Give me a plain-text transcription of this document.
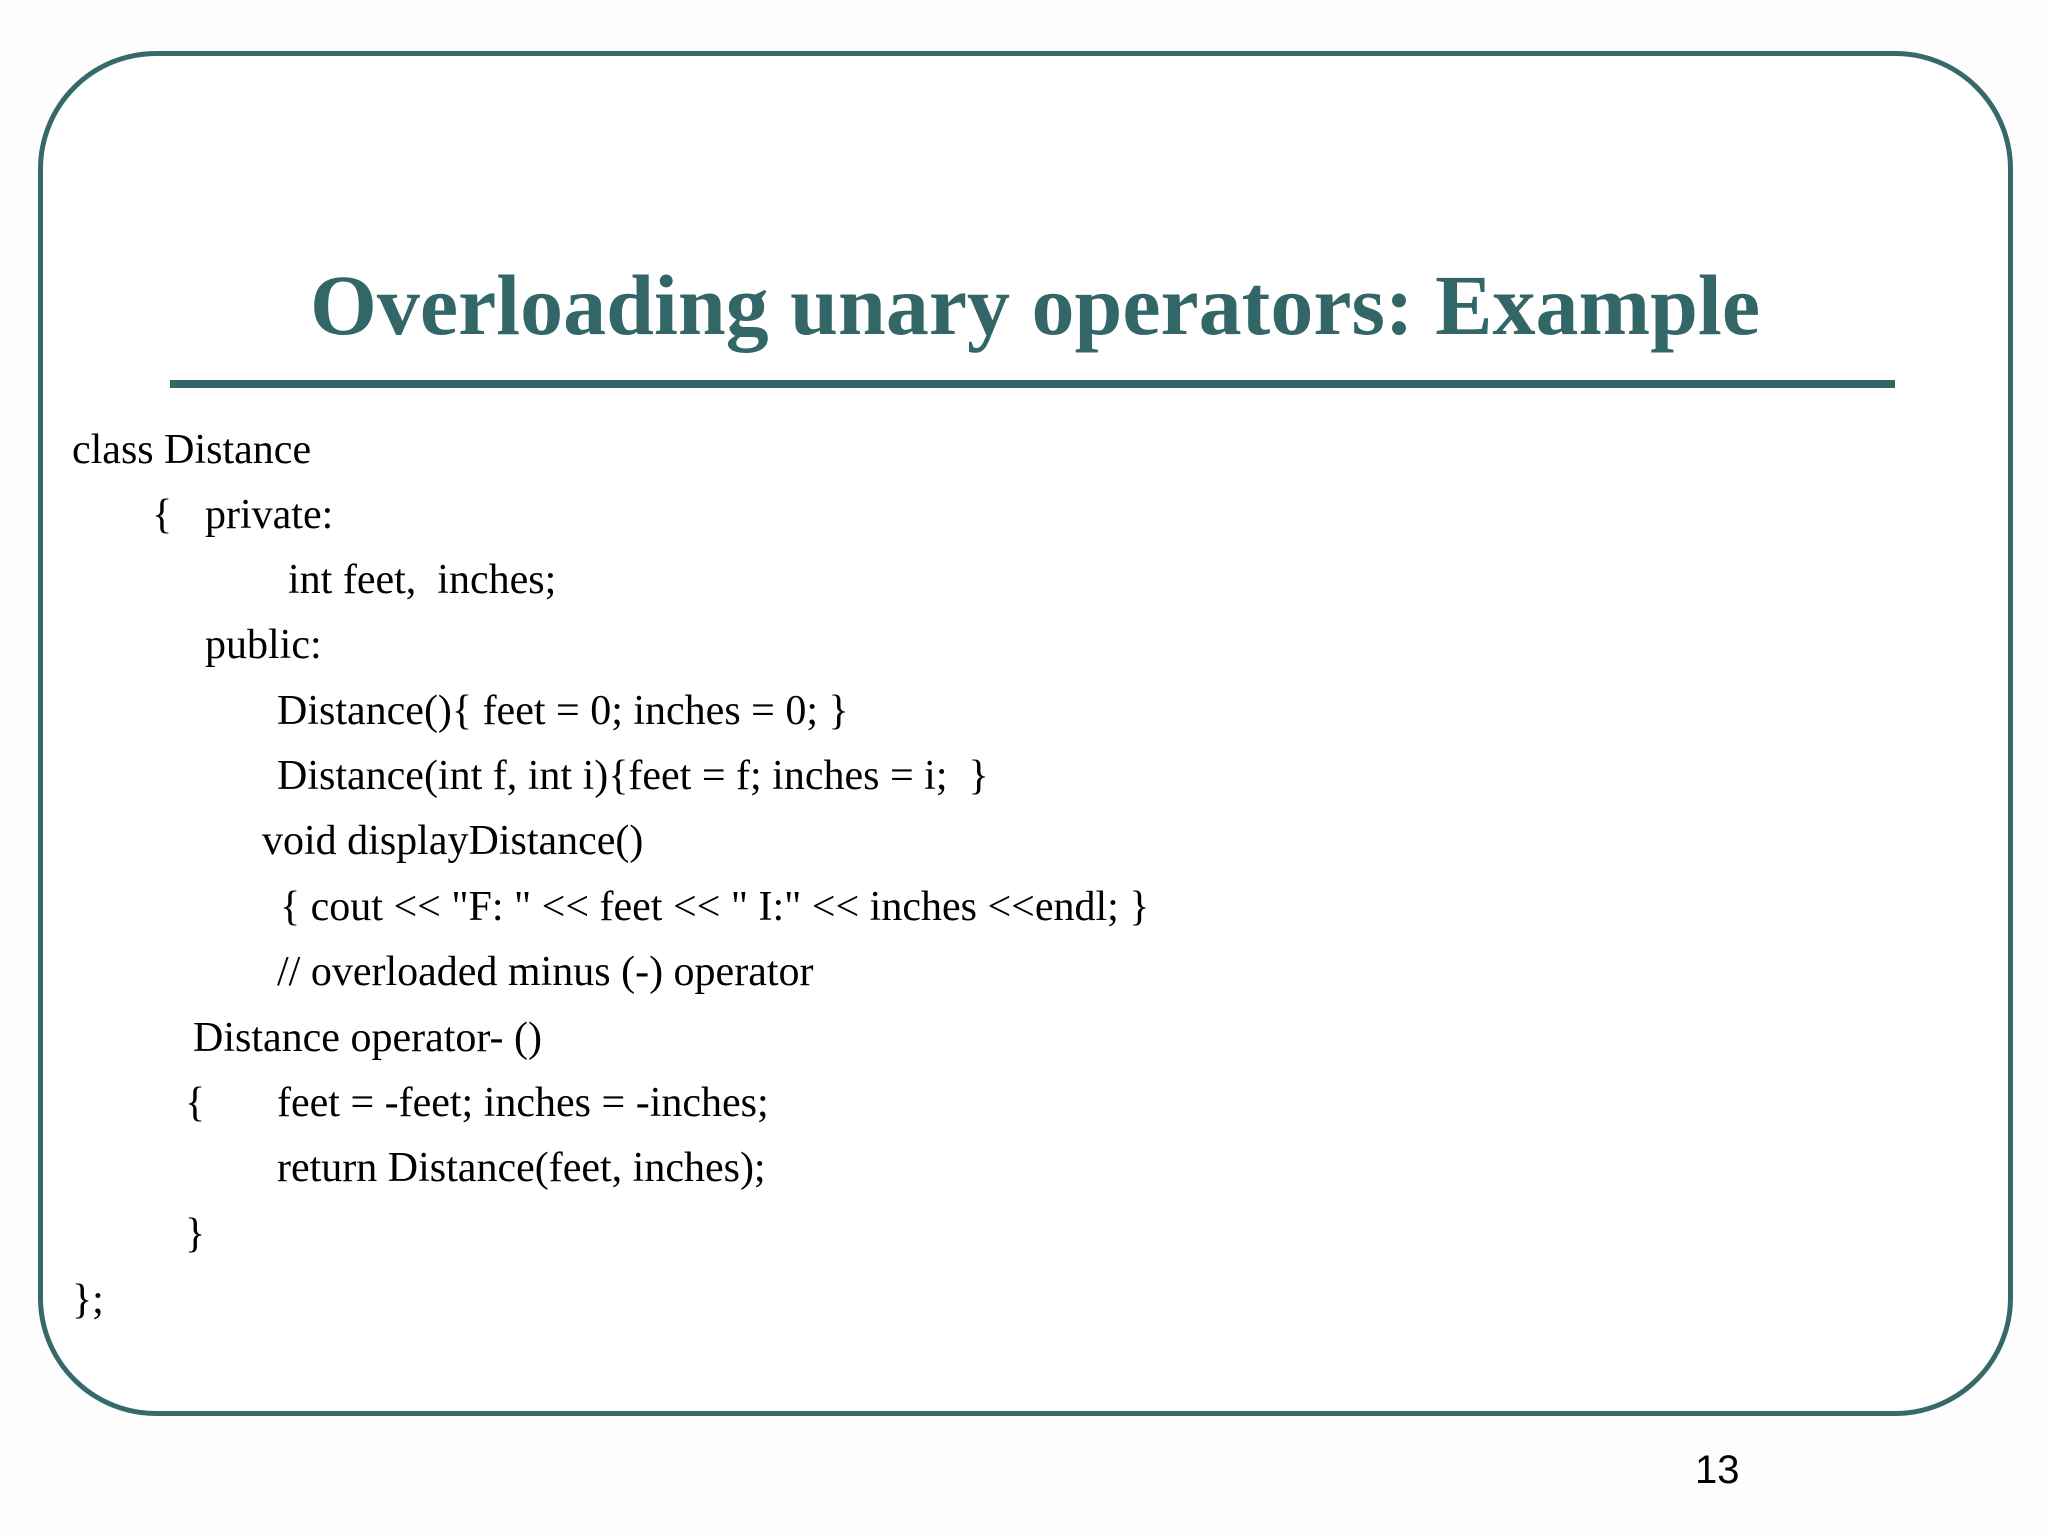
Overloading unary operators: Example
class Distance
{ private:
int feet,  inches;
public:
Distance(){ feet = 0; inches = 0; }
Distance(int f, int i){feet = f; inches = i;  }
void displayDistance()
{ cout << "F: " << feet << " I:" << inches <<endl; }
// overloaded minus (-) operator
Distance operator- ()
{ feet = -feet; inches = -inches;
return Distance(feet, inches);
}
};
13
